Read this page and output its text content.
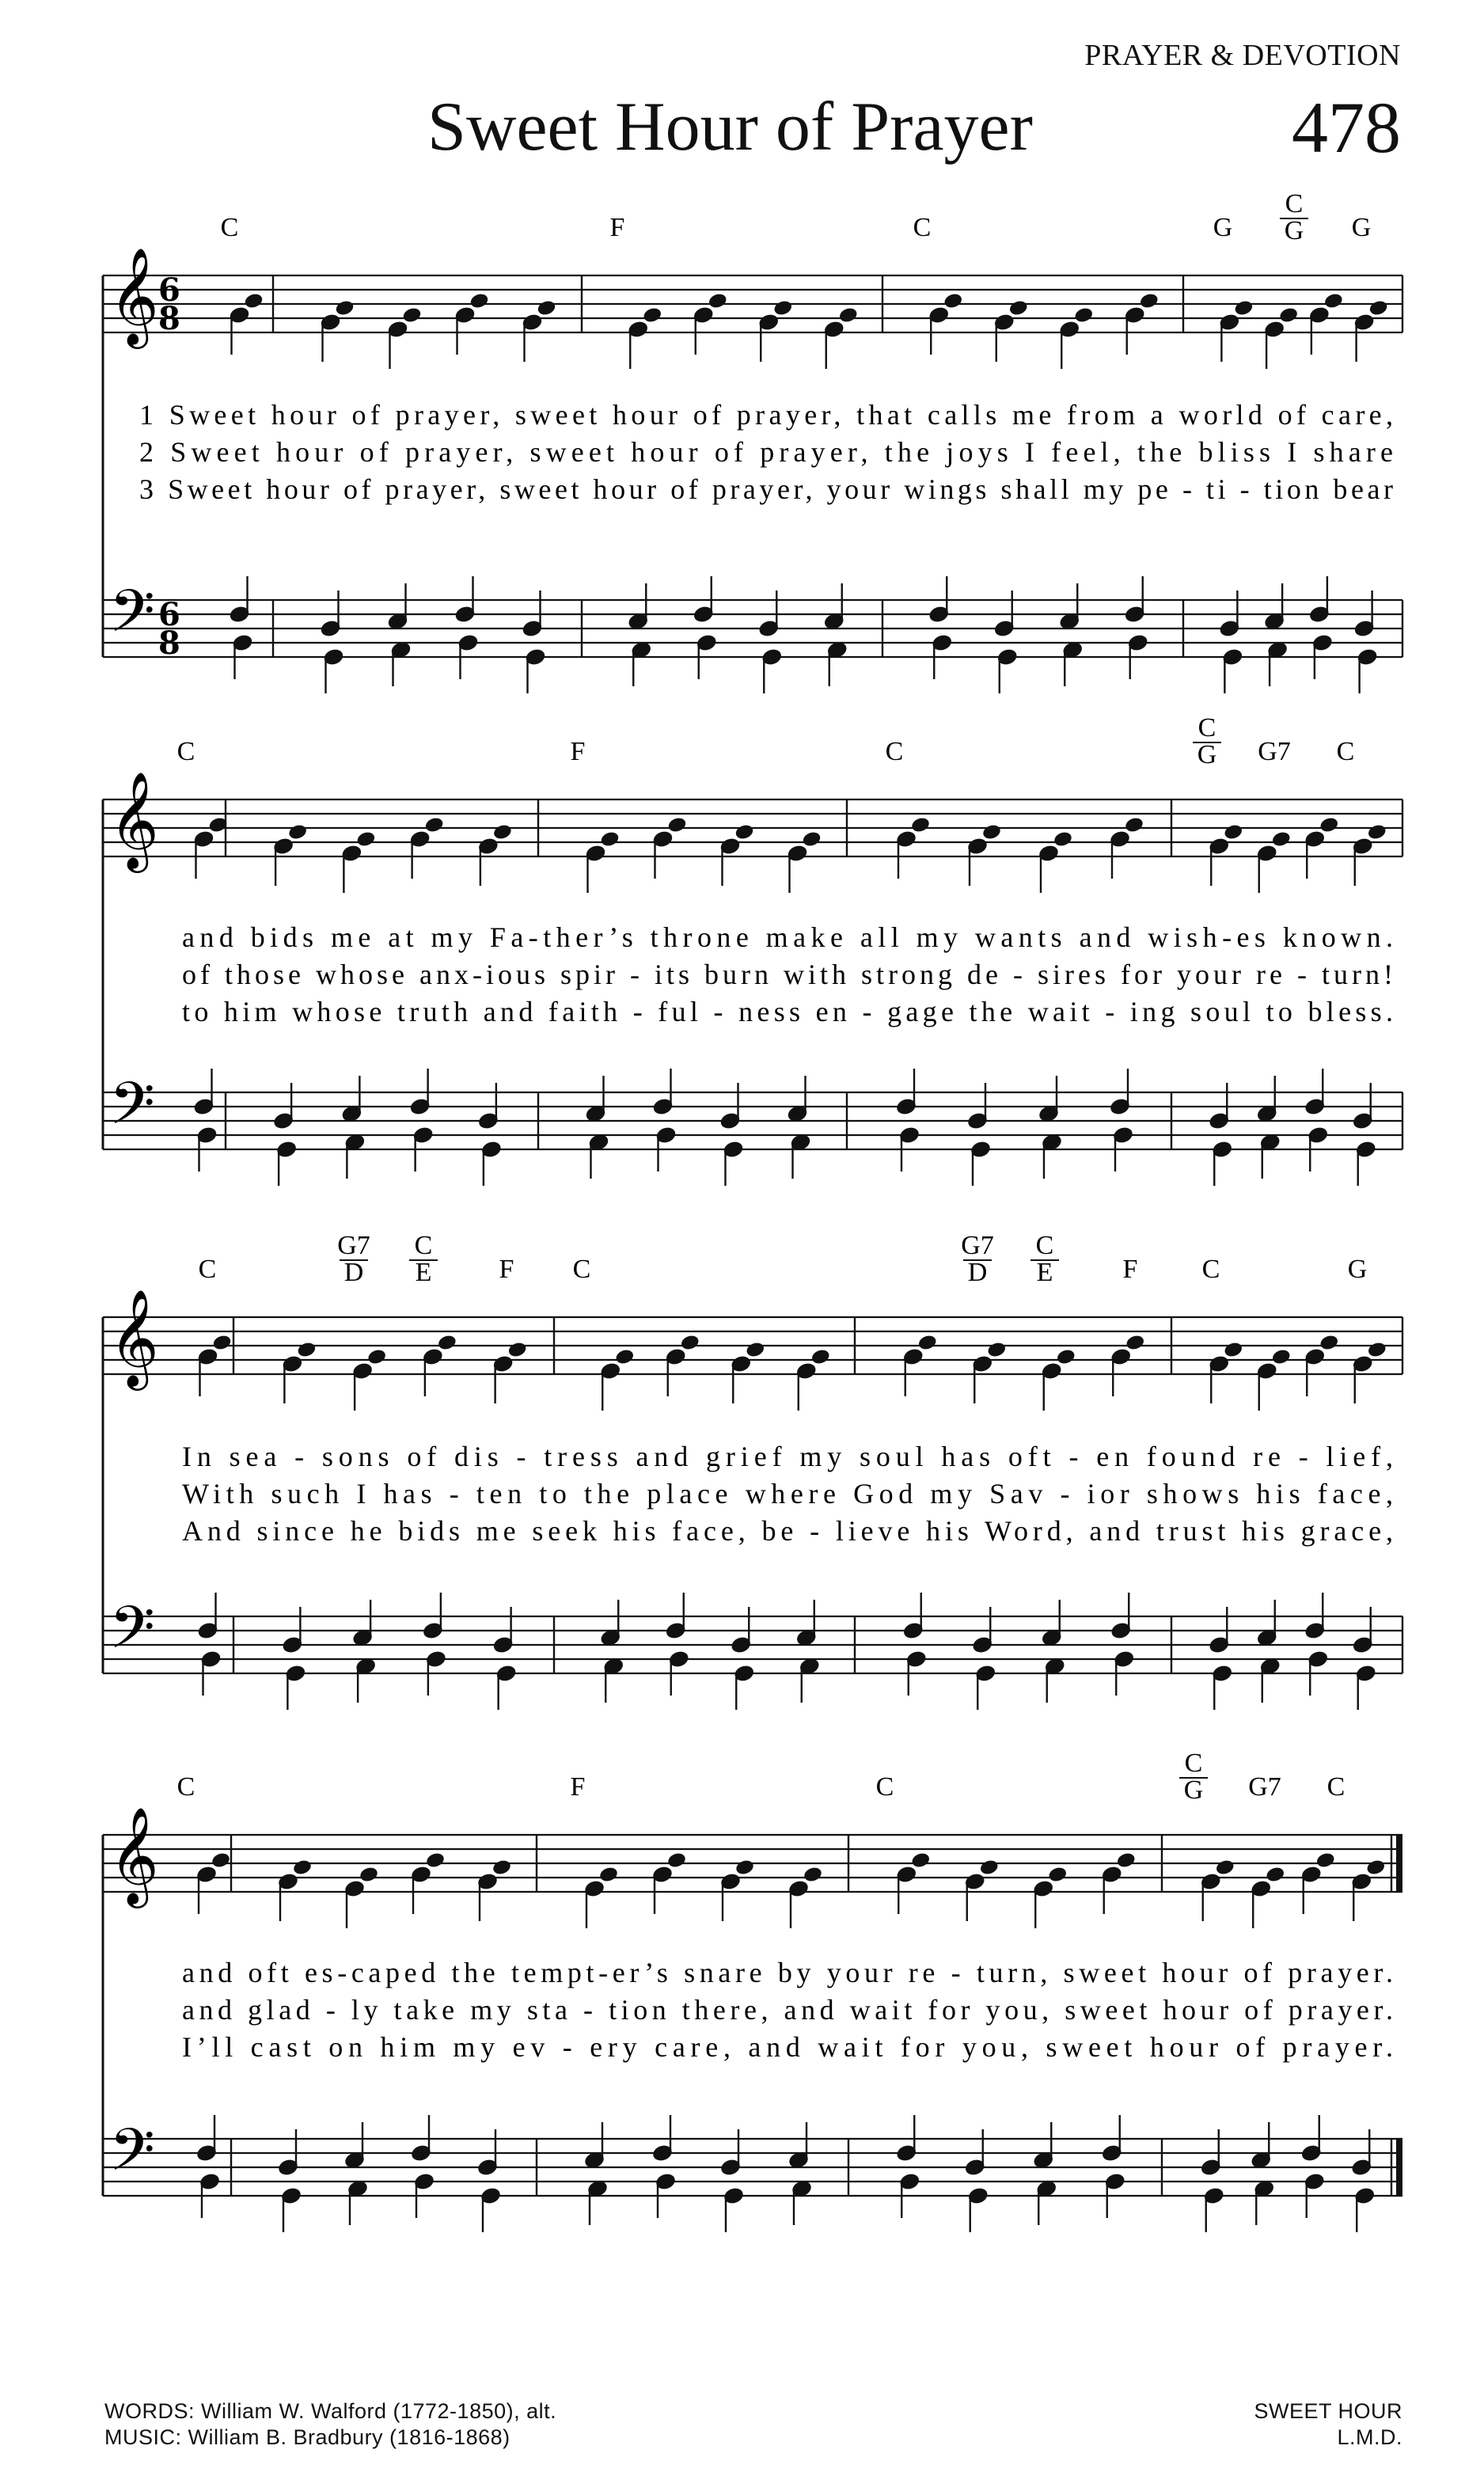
PRAYER & DEVOTION
Sweet Hour of Prayer	478
𝄞
𝄢
6
8
6
8
C	F	C	G
C
G G
1 Sweet hour of prayer, sweet hour of prayer, that calls me from a world of care,
2 Sweet hour of prayer, sweet hour of prayer, the joys I feel, the bliss I share
3 Sweet hour of prayer, sweet hour of prayer, your wings shall my pe - ti - tion bear
𝄞
𝄢
C	F	C
C
G G7 C
and bids me at my Fa-ther’s throne make all my wants and wish-es known.
of those whose anx-ious spir - its burn with strong de - sires for your re - turn!
to him whose truth and faith - ful - ness en - gage the wait - ing soul to bless.
𝄞
𝄢
C
G7
D
C
E	F C
G7
D
C
E	F C	G
In sea - sons of dis - tress and grief my soul has oft - en found re - lief,
With such I has - ten to the place where God my Sav - ior shows his face,
And since he bids me seek his face, be - lieve his Word, and trust his grace,
𝄞
𝄢
C	F	C
C
G G7 C
and oft es-caped the tempt-er’s snare by your re - turn, sweet hour of prayer.
and glad - ly take my sta - tion there, and wait for you, sweet hour of prayer.
I’ll cast on him my ev - ery care, and wait for you, sweet hour of prayer.
WORDS: William W. Walford (1772-1850), alt.
MUSIC: William B. Bradbury (1816-1868)
SWEET HOUR
L.M.D.
